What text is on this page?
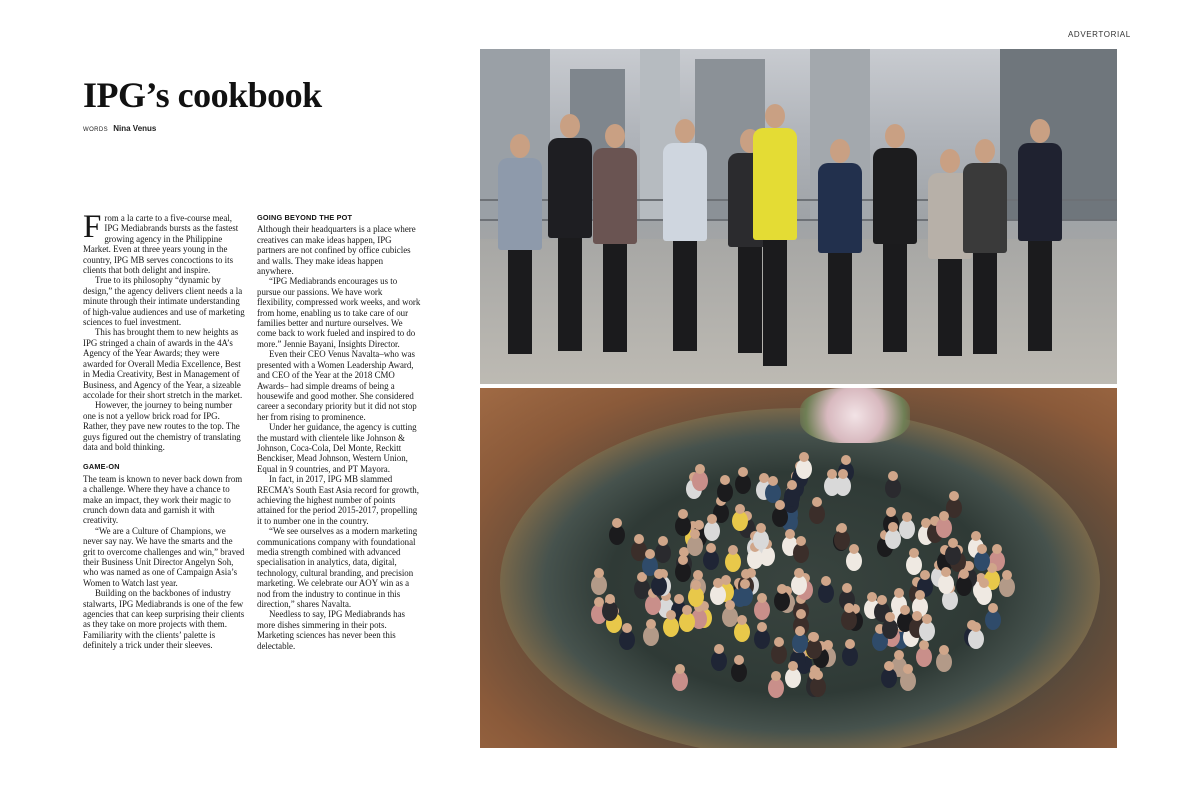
ADVERTORIAL
IPG’s cookbook
WORDS Nina Venus

From a la carte to a five-course meal, IPG Mediabrands bursts as the fastest growing agency in the Philippine Market. Even at three years young in the country, IPG MB serves concoctions to its clients that both delight and inspire.

True to its philosophy “dynamic by design,” the agency delivers client needs a la minute through their intimate understanding of high-value audiences and use of marketing sciences to fuel investment.

This has brought them to new heights as IPG stringed a chain of awards in the 4A’s Agency of the Year Awards; they were awarded for Overall Media Excellence, Best in Media Creativity, Best in Management of Business, and Agency of the Year, a sizeable accolade for their short stretch in the market.

However, the journey to being number one is not a yellow brick road for IPG. Rather, they pave new routes to the top. The guys figured out the chemistry of translating data and bold thinking.

GAME-ON

The team is known to never back down from a challenge. Where they have a chance to make an impact, they work their magic to crunch down data and garnish it with creativity.

“We are a Culture of Champions, we never say nay. We have the smarts and the grit to overcome challenges and win,” braved their Business Unit Director Angelyn Soh, who was named as one of Campaign Asia’s Women to Watch last year.

Building on the backbones of industry stalwarts, IPG Mediabrands is one of the few agencies that can keep surprising their clients as they take on more projects with them. Familiarity with the clients’ palette is definitely a trick under their sleeves.

GOING BEYOND THE POT

Although their headquarters is a place where creatives can make ideas happen, IPG partners are not confined by office cubicles and walls. They make ideas happen anywhere.

“IPG Mediabrands encourages us to pursue our passions. We have work flexibility, compressed work weeks, and work from home, enabling us to take care of our families better and nurture ourselves. We come back to work fueled and inspired to do more.” Jennie Bayani, Insights Director.

Even their CEO Venus Navalta–who was presented with a Women Leadership Award, and CEO of the Year at the 2018 CMO Awards– had simple dreams of being a housewife and good mother. She considered career a secondary priority but it did not stop her from rising to prominence.

Under her guidance, the agency is cutting the mustard with clientele like Johnson & Johnson, Coca-Cola, Del Monte, Reckitt Benckiser, Mead Johnson, Western Union, Equal in 9 countries, and PT Mayora.

In fact, in 2017, IPG MB slammed RECMA’s South East Asia record for growth, achieving the highest number of points attained for the period 2015-2017, propelling it to number one in the country.

“We see ourselves as a modern marketing communications company with foundational media strength combined with advanced specialisation in analytics, data, digital, technology, cultural branding, and precision marketing. We celebrate our AOY win as a nod from the industry to continue in this direction,” shares Navalta.

Needless to say, IPG Mediabrands has more dishes simmering in their pots. Marketing sciences has never been this delectable.
